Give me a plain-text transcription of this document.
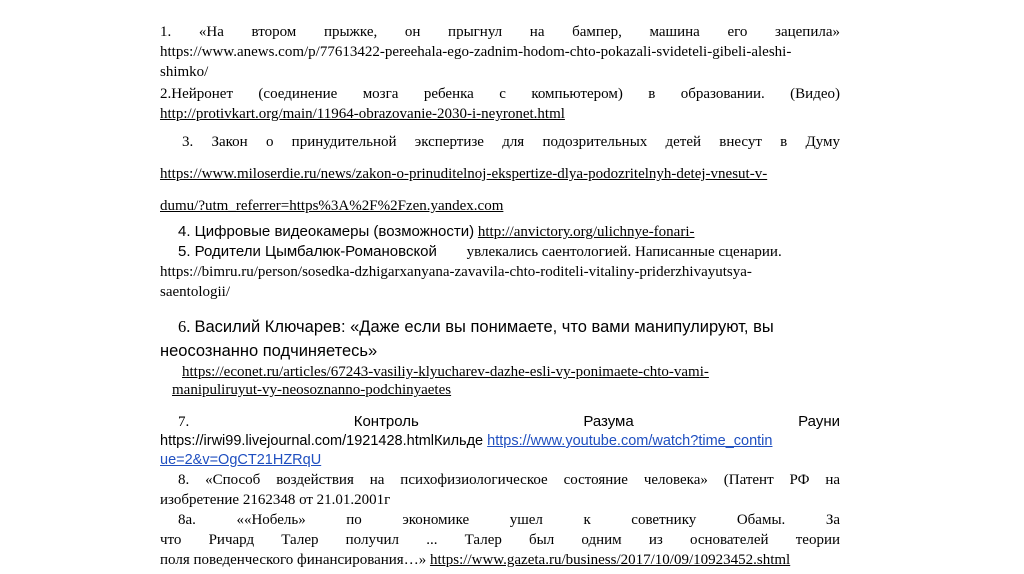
1. «На втором прыжке, он прыгнул на бампер, машина его зацепила»
https://www.anews.com/p/77613422-pereehala-ego-zadnim-hodom-chto-pokazali-svideteli-gibeli-aleshi-
shimko/
2.Нейронет (соединение мозга ребенка с компьютером) в образовании. (Видео)
http://protivkart.org/main/11964-obrazovanie-2030-i-neyronet.html
3. Закон о принудительной экспертизе для подозрительных детей внесут в Думу
https://www.miloserdie.ru/news/zakon-o-prinuditelnoj-ekspertize-dlya-podozritelnyh-detej-vnesut-v-
dumu/?utm_referrer=https%3A%2F%2Fzen.yandex.com
4. Цифровые видеокамеры (возможности) http://anvictory.org/ulichnye-fonari-
5. Родители Цымбалюк-Романовской увлекались саентологией. Написанные сценарии.
https://bimru.ru/person/sosedka-dzhigarxanyana-zavavila-chto-roditeli-vitaliny-priderzhivayutsya-
saentologii/
6. Василий Ключарев: «Даже если вы понимаете, что вами манипулируют, вы
неосознанно подчиняетесь»
https://econet.ru/articles/67243-vasiliy-klyucharev-dazhe-esli-vy-ponimaete-chto-vami-
manipuliruyut-vy-neosoznanno-podchinyaetes
7.	Контроль	Разума	Рауни
https://irwi99.livejournal.com/1921428.htmlКильде https://www.youtube.com/watch?time_contin
ue=2&v=OgCT21HZRqU
8. «Способ воздействия на психофизиологическое состояние человека» (Патент РФ на
изобретение 2162348 от 21.01.2001г
8а. ««Нобель» по экономике ушел к советнику Обамы. За
что Ричард Талер получил ... Талер был одним из основателей теории
поля поведенческого финансирования…» https://www.gazeta.ru/business/2017/10/09/10923452.shtml
